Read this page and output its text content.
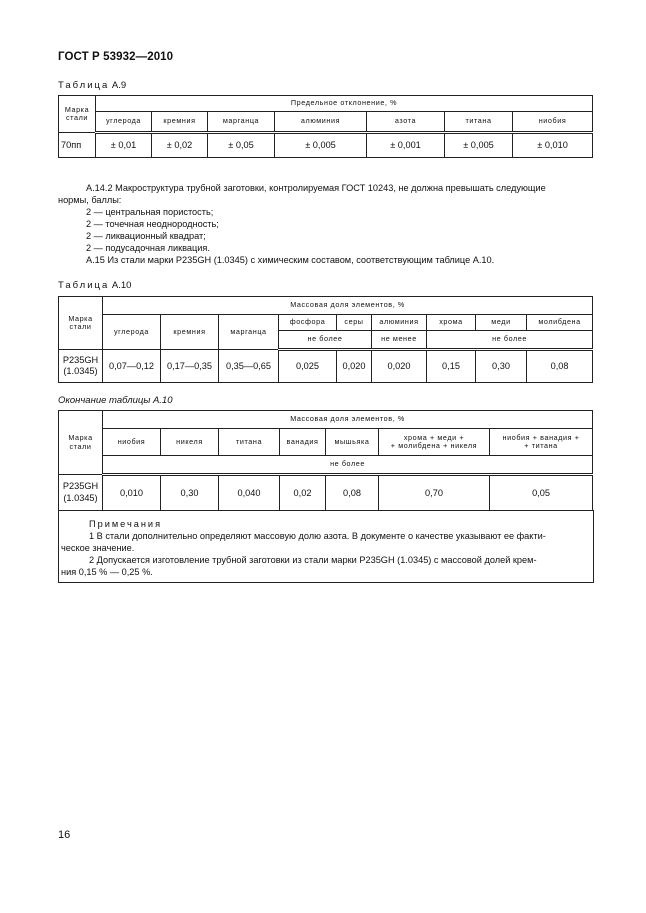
ГОСТ Р 53932—2010
Таблица А.9
Марка
стали	Предельное отклонение, %						
	углерода	кремния	марганца	алюминия	азота	титана	ниобия
70пп	± 0,01	± 0,02	± 0,05	± 0,005	± 0,001	± 0,005	± 0,010
А.14.2 Макроструктура трубной заготовки, контролируемая ГОСТ 10243, не должна превышать следующие
нормы, баллы:
2 — центральная пористость;
2 — точечная неоднородность;
2 — ликвационный квадрат;
2 — подусадочная ликвация.
А.15 Из стали марки P235GH (1.0345) с химическим составом, соответствующим таблице А.10.
Таблица А.10
Марка
стали	Массовая доля элементов, %								
	углерода	кремния	марганца	фосфора	серы	алюминия	хрома	меди	молибдена
				не более		не менее	не более		
P235GH
(1.0345)	0,07—0,12	0,17—0,35	0,35—0,65	0,025	0,020	0,020	0,15	0,30	0,08
Окончание таблицы А.10
Марка
стали	Массовая доля элементов, %						
	ниобия	никеля	титана	ванадия	мышьяка	хрома + меди +
+ молибдена + никеля	ниобия + ванадия +
+ титана
	не более						
P235GH
(1.0345)	0,010	0,30	0,040	0,02	0,08	0,70	0,05
Примечания
1 В стали дополнительно определяют массовую долю азота. В документе о качестве указывают ее факти-
ческое значение.
2 Допускается изготовление трубной заготовки из стали марки P235GH (1.0345) с массовой долей крем-
ния 0,15 % — 0,25 %.
16
